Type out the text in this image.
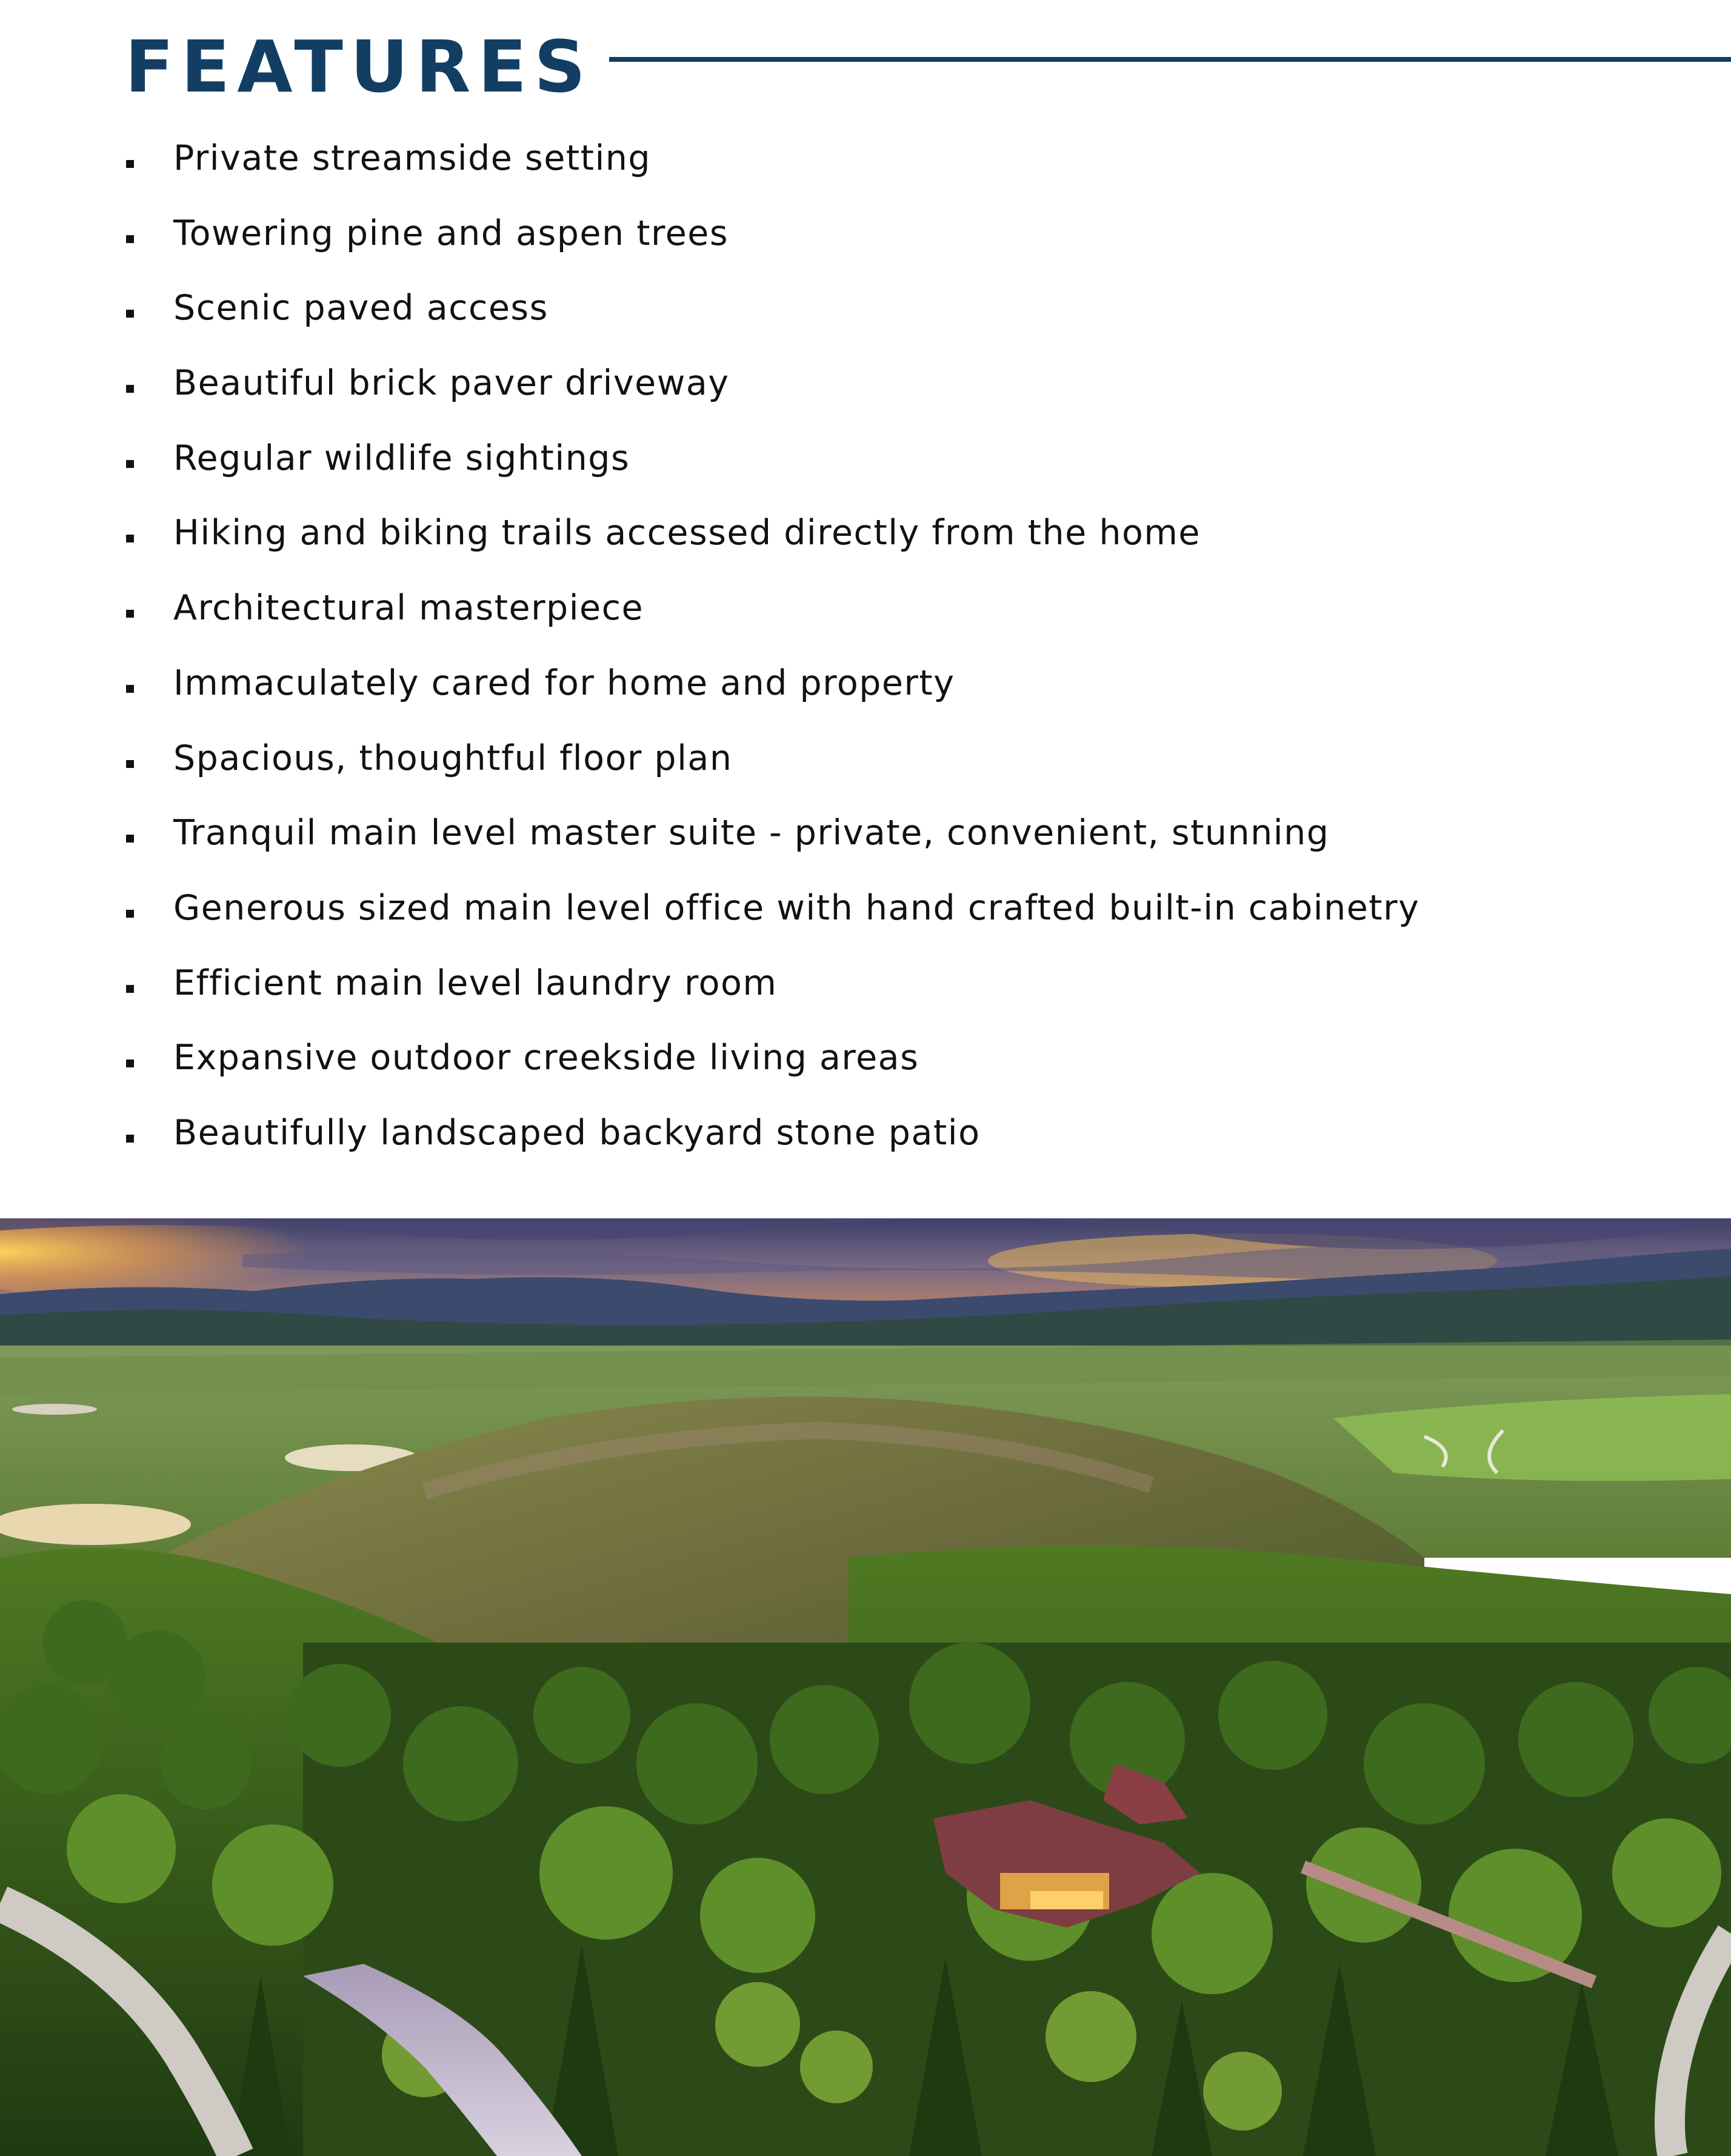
FEATURES
Private streamside setting
Towering pine and aspen trees
Scenic paved access
Beautiful brick paver driveway
Regular wildlife sightings
Hiking and biking trails accessed directly from the home
Architectural masterpiece
Immaculately cared for home and property
Spacious, thoughtful floor plan
Tranquil main level master suite - private, convenient, stunning
Generous sized main level office with hand crafted built-in cabinetry
Efficient main level laundry room
Expansive outdoor creekside living areas
Beautifully landscaped backyard stone patio
